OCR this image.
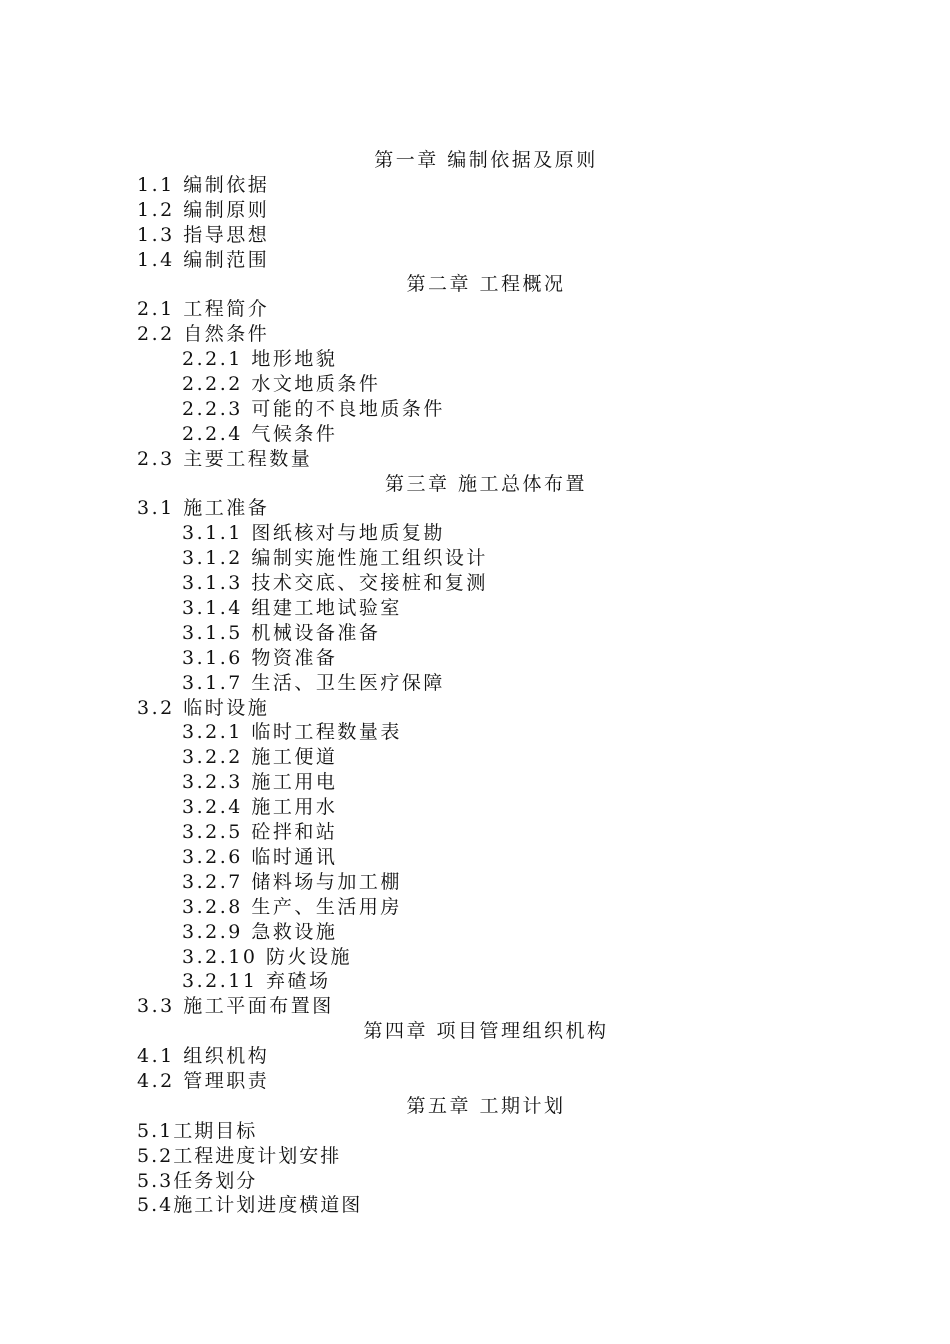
第一章 编制依据及原则
1.1 编制依据
1.2 编制原则
1.3 指导思想
1.4 编制范围
第二章 工程概况
2.1 工程简介
2.2 自然条件
2.2.1 地形地貌
2.2.2 水文地质条件
2.2.3 可能的不良地质条件
2.2.4 气候条件
2.3 主要工程数量
第三章 施工总体布置
3.1 施工准备
3.1.1 图纸核对与地质复勘
3.1.2 编制实施性施工组织设计
3.1.3 技术交底、交接桩和复测
3.1.4 组建工地试验室
3.1.5 机械设备准备
3.1.6 物资准备
3.1.7 生活、卫生医疗保障
3.2 临时设施
3.2.1 临时工程数量表
3.2.2 施工便道
3.2.3 施工用电
3.2.4 施工用水
3.2.5 砼拌和站
3.2.6 临时通讯
3.2.7 储料场与加工棚
3.2.8 生产、生活用房
3.2.9 急救设施
3.2.10 防火设施
3.2.11 弃碴场
3.3 施工平面布置图
第四章 项目管理组织机构
4.1 组织机构
4.2 管理职责
第五章 工期计划
5.1工期目标
5.2工程进度计划安排
5.3任务划分
5.4施工计划进度横道图
